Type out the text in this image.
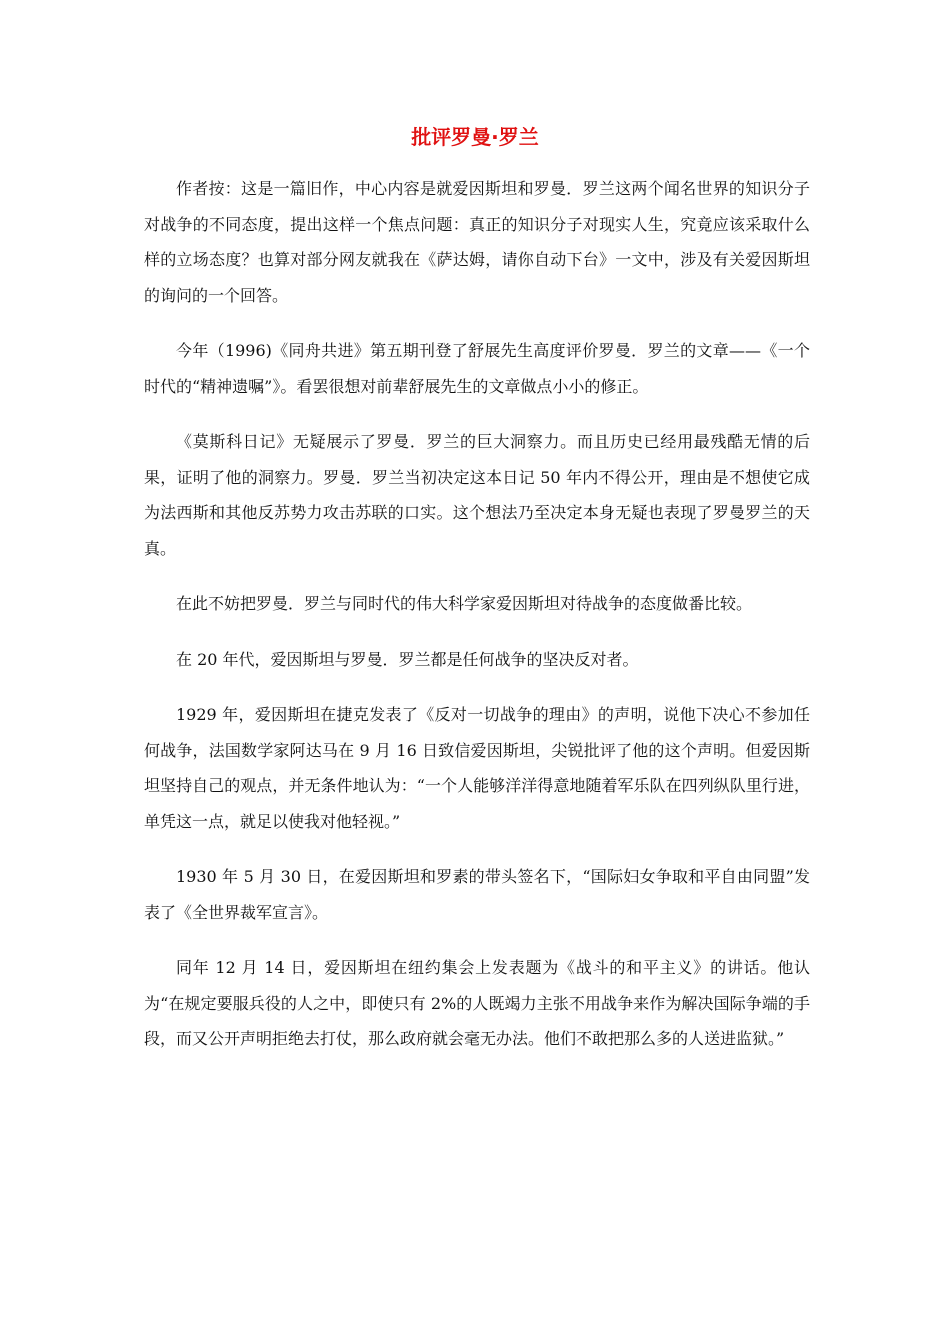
批评罗曼·罗兰

作者按：这是一篇旧作，中心内容是就爱因斯坦和罗曼．罗兰这两个闻名世界的知识分子对战争的不同态度，提出这样一个焦点问题：真正的知识分子对现实人生，究竟应该采取什么样的立场态度？也算对部分网友就我在《萨达姆，请你自动下台》一文中，涉及有关爱因斯坦的询问的一个回答。

今年（1996)《同舟共进》第五期刊登了舒展先生高度评价罗曼．罗兰的文章——《一个时代的“精神遗嘱”》。看罢很想对前辈舒展先生的文章做点小小的修正。

《莫斯科日记》无疑展示了罗曼．罗兰的巨大洞察力。而且历史已经用最残酷无情的后果，证明了他的洞察力。罗曼．罗兰当初决定这本日记 50 年内不得公开，理由是不想使它成为法西斯和其他反苏势力攻击苏联的口实。这个想法乃至决定本身无疑也表现了罗曼罗兰的天真。

在此不妨把罗曼．罗兰与同时代的伟大科学家爱因斯坦对待战争的态度做番比较。

在 20 年代，爱因斯坦与罗曼．罗兰都是任何战争的坚决反对者。

1929 年，爱因斯坦在捷克发表了《反对一切战争的理由》的声明，说他下决心不参加任何战争，法国数学家阿达马在 9 月 16 日致信爱因斯坦，尖锐批评了他的这个声明。但爱因斯坦坚持自己的观点，并无条件地认为：“一个人能够洋洋得意地随着军乐队在四列纵队里行进，单凭这一点，就足以使我对他轻视。”

1930 年 5 月 30 日，在爱因斯坦和罗素的带头签名下，“国际妇女争取和平自由同盟”发表了《全世界裁军宣言》。

同年 12 月 14 日，爱因斯坦在纽约集会上发表题为《战斗的和平主义》的讲话。他认为“在规定要服兵役的人之中，即使只有 2%的人既竭力主张不用战争来作为解决国际争端的手段，而又公开声明拒绝去打仗，那么政府就会毫无办法。他们不敢把那么多的人送进监狱。”
